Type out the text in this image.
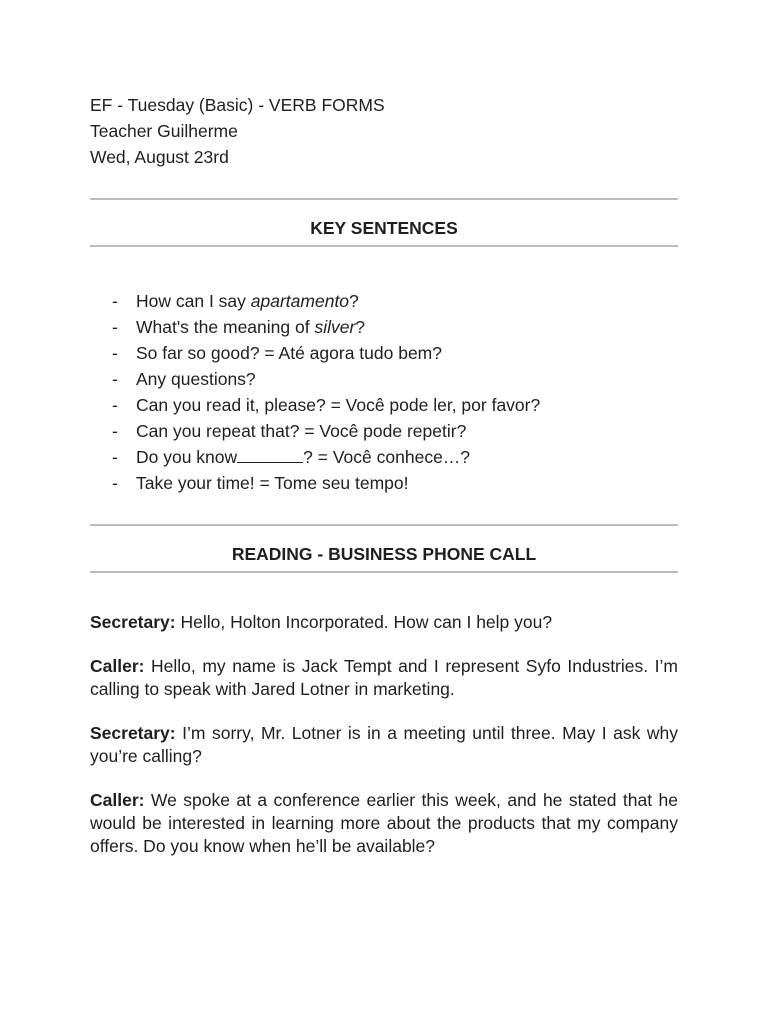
EF - Tuesday (Basic) - VERB FORMS
Teacher Guilherme
Wed, August 23rd
KEY SENTENCES
- How can I say apartamento?
- What's the meaning of silver?
- So far so good? = Até agora tudo bem?
- Any questions?
- Can you read it, please? = Você pode ler, por favor?
- Can you repeat that? = Você pode repetir?
- Do you know	? = Você conhece…?
- Take your time! = Tome seu tempo!
READING - BUSINESS PHONE CALL

Secretary: Hello, Holton Incorporated. How can I help you?

Caller: Hello, my name is Jack Tempt and I represent Syfo Industries. I’m calling to speak with Jared Lotner in marketing.

Secretary: I’m sorry, Mr. Lotner is in a meeting until three. May I ask why you’re calling?

Caller: We spoke at a conference earlier this week, and he stated that he would be interested in learning more about the products that my company offers. Do you know when he’ll be available?
